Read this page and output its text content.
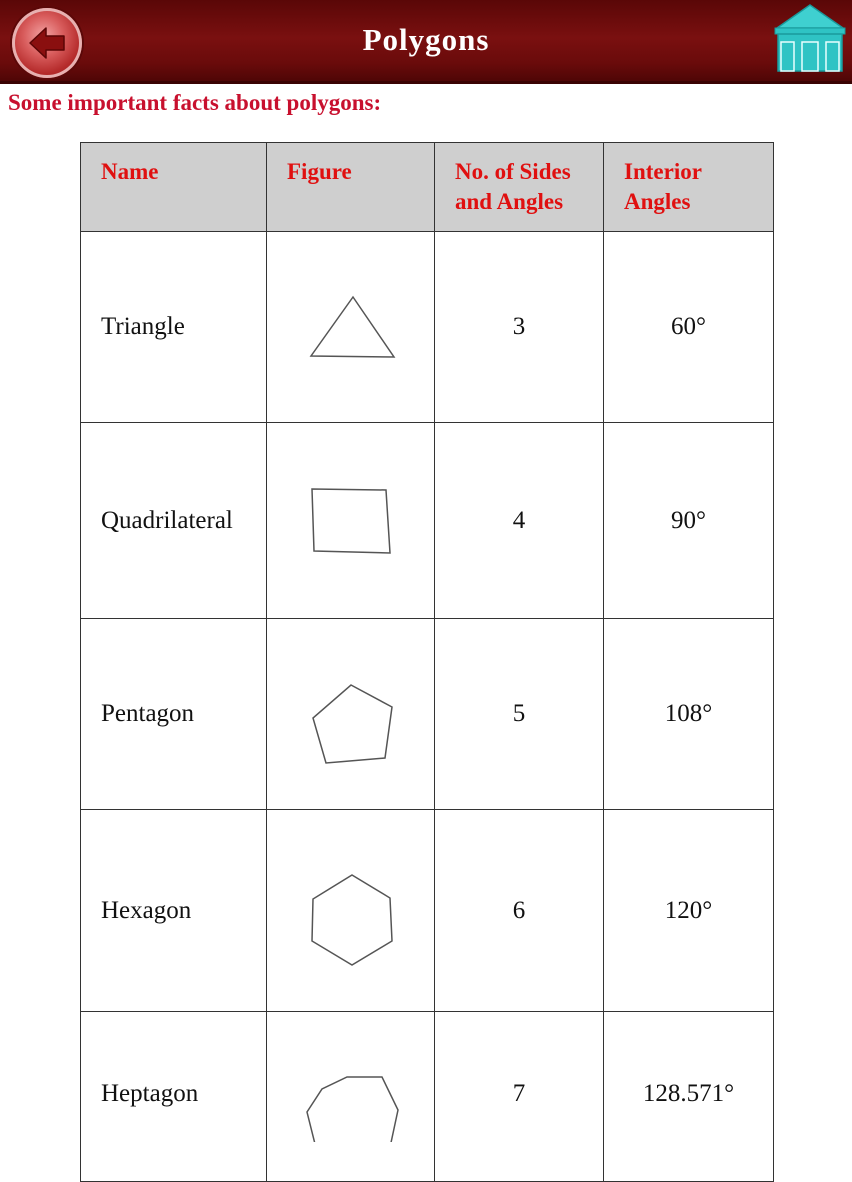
Polygons
Some important facts about polygons:
Name	Figure	No. of Sides and Angles	Interior Angles
Triangle		3	60°
Quadrilateral		4	90°
Pentagon		5	108°
Hexagon		6	120°
Heptagon		7	128.571°
